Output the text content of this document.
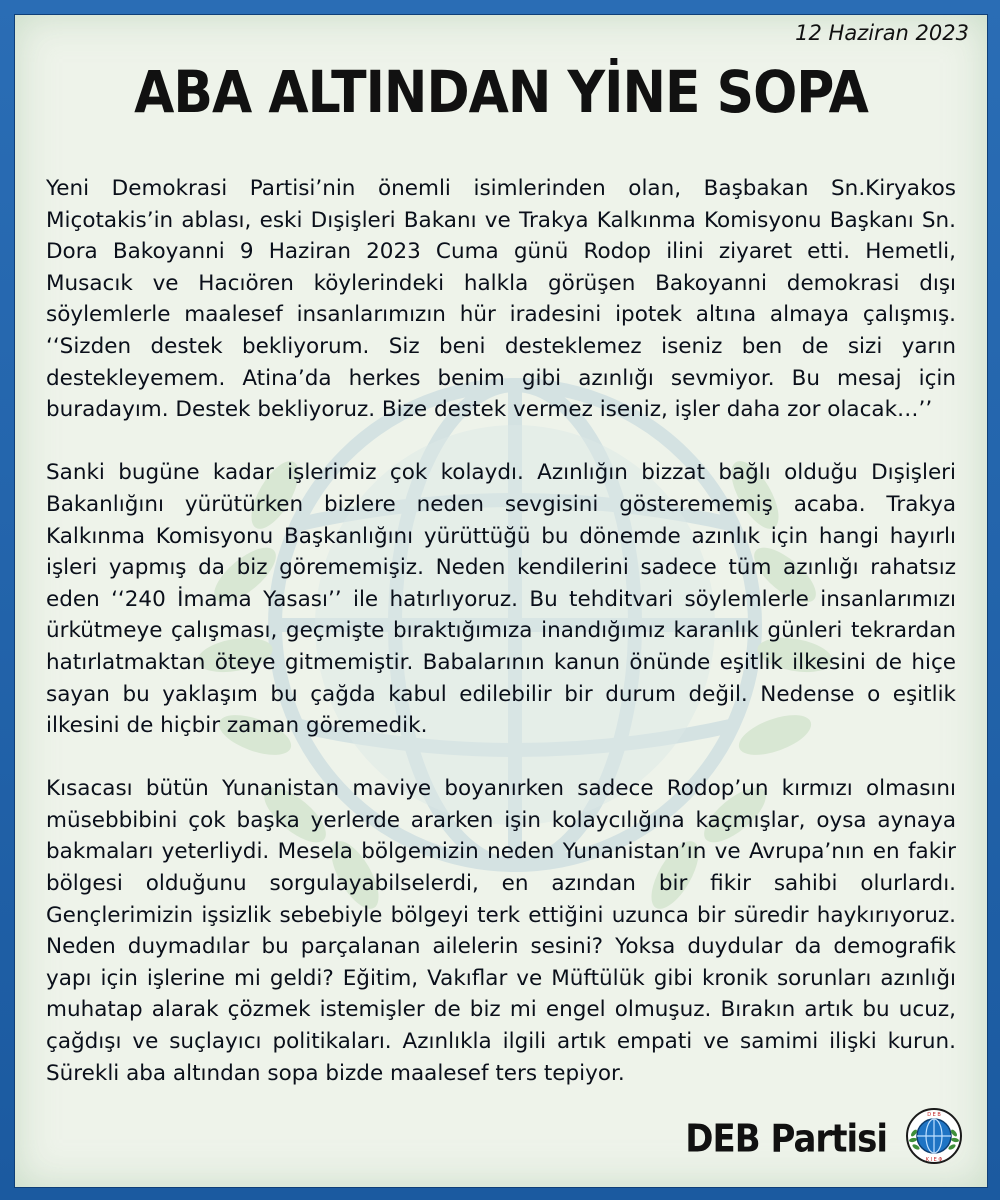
12 Haziran 2023
ABA ALTINDAN YİNE SOPA

Yeni Demokrasi Partisi’nin önemli isimlerinden olan, Başbakan Sn.Kiryakos Miçotakis’in ablası, eski Dışişleri Bakanı ve Trakya Kalkınma Komisyonu Başkanı Sn. Dora Bakoyanni 9 Haziran 2023 Cuma günü Rodop ilini ziyaret etti. Hemetli, Musacık ve Hacıören köylerindeki halkla görüşen Bakoyanni demokrasi dışı söylemlerle maalesef insanlarımızın hür iradesini ipotek altına almaya çalışmış. ‘‘Sizden destek bekliyorum. Siz beni desteklemez iseniz ben de sizi yarın destekleyemem. Atina’da herkes benim gibi azınlığı sevmiyor. Bu mesaj için buradayım. Destek bekliyoruz. Bize destek vermez iseniz, işler daha zor olacak…’’

Sanki bugüne kadar işlerimiz çok kolaydı. Azınlığın bizzat bağlı olduğu Dışişleri Bakanlığını yürütürken bizlere neden sevgisini gösterememiş acaba. Trakya Kalkınma Komisyonu Başkanlığını yürüttüğü bu dönemde azınlık için hangi hayırlı işleri yapmış da biz görememişiz. Neden kendilerini sadece tüm azınlığı rahatsız eden ‘‘240 İmama Yasası’’ ile hatırlıyoruz. Bu tehditvari söylemlerle insanlarımızı ürkütmeye çalışması, geçmişte bıraktığımıza inandığımız karanlık günleri tekrardan hatırlatmaktan öteye gitmemiştir. Babalarının kanun önünde eşitlik ilkesini de hiçe sayan bu yaklaşım bu çağda kabul edilebilir bir durum değil. Nedense o eşitlik ilkesini de hiçbir zaman göremedik.

Kısacası bütün Yunanistan maviye boyanırken sadece Rodop’un kırmızı olmasını müsebbibini çok başka yerlerde ararken işin kolaycılığına kaçmışlar, oysa aynaya bakmaları yeterliydi. Mesela bölgemizin neden Yunanistan’ın ve Avrupa’nın en fakir bölgesi olduğunu sorgulayabilselerdi, en azından bir fikir sahibi olurlardı. Gençlerimizin işsizlik sebebiyle bölgeyi terk ettiğini uzunca bir süredir haykırıyoruz. Neden duymadılar bu parçalanan ailelerin sesini? Yoksa duydular da demografik yapı için işlerine mi geldi? Eğitim, Vakıflar ve Müftülük gibi kronik sorunları azınlığı muhatap alarak çözmek istemişler de biz mi engel olmuşuz. Bırakın artık bu ucuz, çağdışı ve suçlayıcı politikaları. Azınlıkla ilgili artık empati ve samimi ilişki kurun. Sürekli aba altından sopa bizde maalesef ters tepiyor.

DEB Partisi
D E B
Κ Ι Ε Φ
